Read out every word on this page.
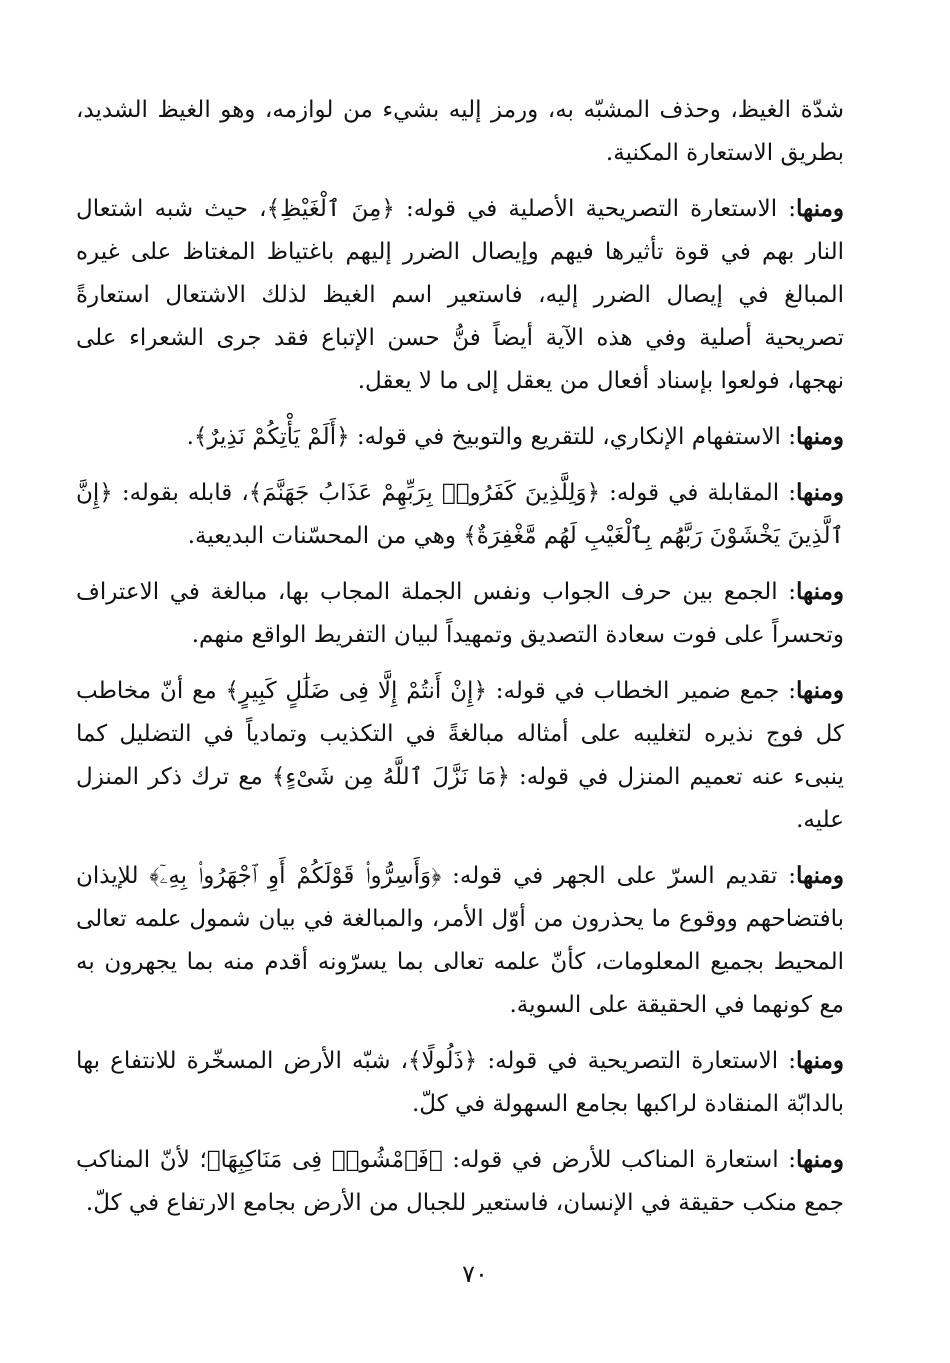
شدّة الغيظ، وحذف المشبّه به، ورمز إليه بشيء من لوازمه، وهو الغيظ الشديد، بطريق الاستعارة المكنية.

ومنها: الاستعارة التصريحية الأصلية في قوله: ﴿مِنَ ٱلْغَيْظِ﴾، حيث شبه اشتعال النار بهم في قوة تأثيرها فيهم وإيصال الضرر إليهم باغتياظ المغتاظ على غيره المبالغ في إيصال الضرر إليه، فاستعير اسم الغيظ لذلك الاشتعال استعارةً تصريحية أصلية وفي هذه الآية أيضاً فنُّ حسن الإتباع فقد جرى الشعراء على نهجها، فولعوا بإسناد أفعال من يعقل إلى ما لا يعقل.

ومنها: الاستفهام الإنكاري، للتقريع والتوبيخ في قوله: ﴿أَلَمْ يَأْتِكُمْ نَذِيرٌ﴾.

ومنها: المقابلة في قوله: ﴿وَلِلَّذِينَ كَفَرُوا۟ بِرَبِّهِمْ عَذَابُ جَهَنَّمَ﴾، قابله بقوله: ﴿إِنَّ ٱلَّذِينَ يَخْشَوْنَ رَبَّهُم بِٱلْغَيْبِ لَهُم مَّغْفِرَةٌ﴾ وهي من المحسّنات البديعية.

ومنها: الجمع بين حرف الجواب ونفس الجملة المجاب بها، مبالغة في الاعتراف وتحسراً على فوت سعادة التصديق وتمهيداً لبيان التفريط الواقع منهم.

ومنها: جمع ضمير الخطاب في قوله: ﴿إِنْ أَنتُمْ إِلَّا فِى ضَلَٰلٍ كَبِيرٍ﴾ مع أنّ مخاطب كل فوج نذيره لتغليبه على أمثاله مبالغةً في التكذيب وتمادياً في التضليل كما ينبىء عنه تعميم المنزل في قوله: ﴿مَا نَزَّلَ ٱللَّهُ مِن شَىْءٍ﴾ مع ترك ذكر المنزل عليه.

ومنها: تقديم السرّ على الجهر في قوله: ﴿وَأَسِرُّوا۟ قَوْلَكُمْ أَوِ ٱجْهَرُوا۟ بِهِۦٓ﴾ للإيذان بافتضاحهم ووقوع ما يحذرون من أوّل الأمر، والمبالغة في بيان شمول علمه تعالى المحيط بجميع المعلومات، كأنّ علمه تعالى بما يسرّونه أقدم منه بما يجهرون به مع كونهما في الحقيقة على السوية.

ومنها: الاستعارة التصريحية في قوله: ﴿ذَلُولًا﴾، شبّه الأرض المسخّرة للانتفاع بها بالدابّة المنقادة لراكبها بجامع السهولة في كلّ.

ومنها: استعارة المناكب للأرض في قوله: ﴿فَٱمْشُوا۟ فِى مَنَاكِبِهَا﴾؛ لأنّ المناكب جمع منكب حقيقة في الإنسان، فاستعير للجبال من الأرض بجامع الارتفاع في كلّ.

٧٠
